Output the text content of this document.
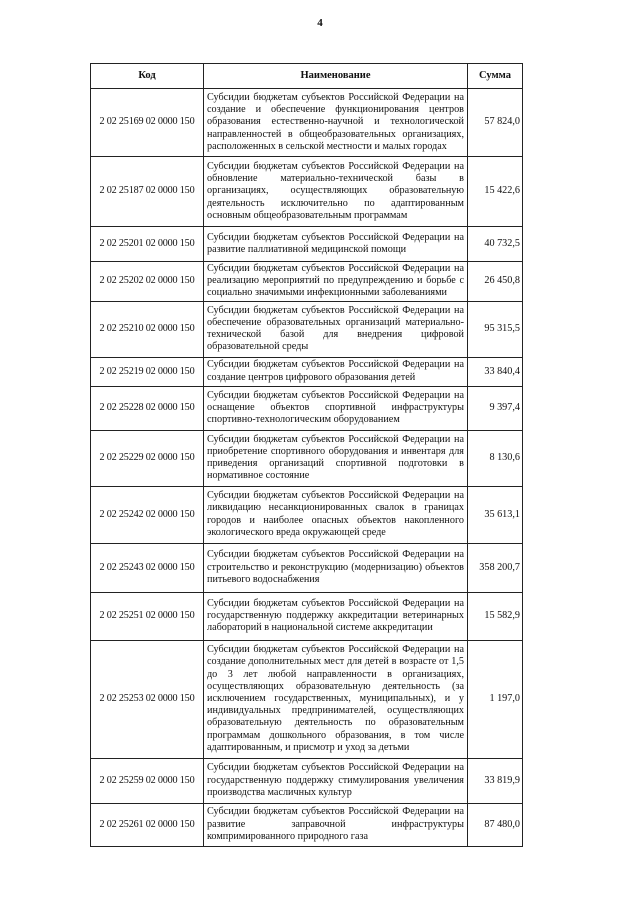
4
Код	Наименование	Сумма
2 02 25169 02 0000 150	Субсидии бюджетам субъектов Российской Федерации на создание и обеспечение функционирования центров образования естественно-научной и технологической направленностей в общеобразовательных организациях, расположенных в сельской местности и малых городах	57 824,0
2 02 25187 02 0000 150	Субсидии бюджетам субъектов Российской Федерации на обновление материально-технической базы в организациях, осуществляющих образовательную деятельность исключительно по адаптированным основным общеобразовательным программам	15 422,6
2 02 25201 02 0000 150	Субсидии бюджетам субъектов Российской Федерации на развитие паллиативной медицинской помощи	40 732,5
2 02 25202 02 0000 150	Субсидии бюджетам субъектов Российской Федерации на реализацию мероприятий по предупреждению и борьбе с социально значимыми инфекционными заболеваниями	26 450,8
2 02 25210 02 0000 150	Субсидии бюджетам субъектов Российской Федерации на обеспечение образовательных организаций материально-технической базой для внедрения цифровой образовательной среды	95 315,5
2 02 25219 02 0000 150	Субсидии бюджетам субъектов Российской Федерации на создание центров цифрового образования детей	33 840,4
2 02 25228 02 0000 150	Субсидии бюджетам субъектов Российской Федерации на оснащение объектов спортивной инфраструктуры спортивно-технологическим оборудованием	9 397,4
2 02 25229 02 0000 150	Субсидии бюджетам субъектов Российской Федерации на приобретение спортивного оборудования и инвентаря для приведения организаций спортивной подготовки в нормативное состояние	8 130,6
2 02 25242 02 0000 150	Субсидии бюджетам субъектов Российской Федерации на ликвидацию несанкционированных свалок в границах городов и наиболее опасных объектов накопленного экологического вреда окружающей среде	35 613,1
2 02 25243 02 0000 150	Субсидии бюджетам субъектов Российской Федерации на строительство и реконструкцию (модернизацию) объектов питьевого водоснабжения	358 200,7
2 02 25251 02 0000 150	Субсидии бюджетам субъектов Российской Федерации на государственную поддержку аккредитации ветеринарных лабораторий в национальной системе аккредитации	15 582,9
2 02 25253 02 0000 150	Субсидии бюджетам субъектов Российской Федерации на создание дополнительных мест для детей в возрасте от 1,5 до 3 лет любой направленности в организациях, осуществляющих образовательную деятельность (за исключением государственных, муниципальных), и у индивидуальных предпринимателей, осуществляющих образовательную деятельность по образовательным программам дошкольного образования, в том числе адаптированным, и присмотр и уход за детьми	1 197,0
2 02 25259 02 0000 150	Субсидии бюджетам субъектов Российской Федерации на государственную поддержку стимулирования увеличения производства масличных культур	33 819,9
2 02 25261 02 0000 150	Субсидии бюджетам субъектов Российской Федерации на развитие заправочной инфраструктуры компримированного природного газа	87 480,0
